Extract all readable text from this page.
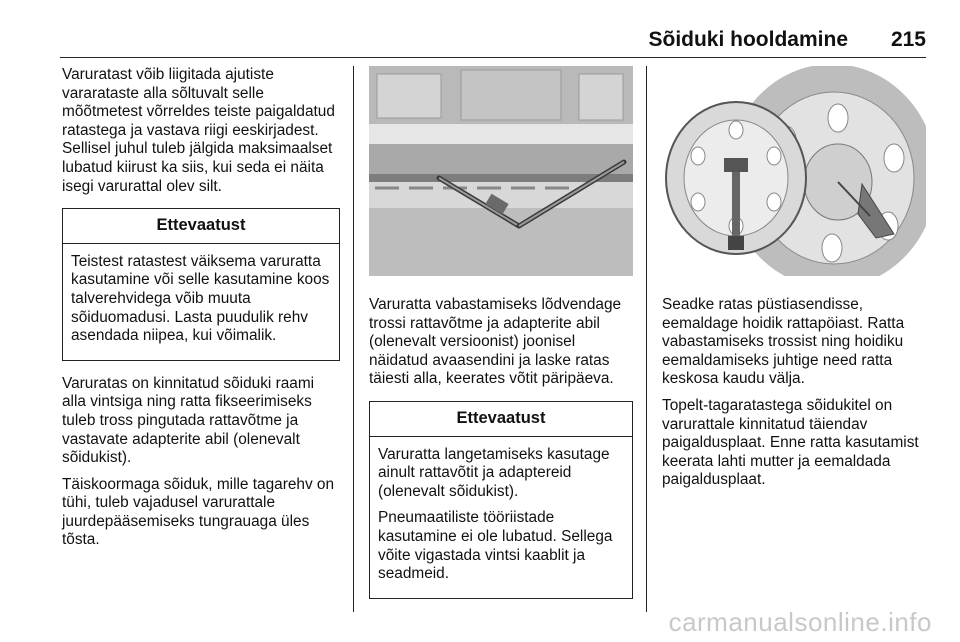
Sõiduki hooldamine 215

Varuratast võib liigitada ajutiste vararataste alla sõltuvalt selle mõõtmetest võrreldes teiste paigaldatud ratastega ja vastava riigi eeskirjadest. Sellisel juhul tuleb jälgida maksimaalset lubatud kiirust ka siis, kui seda ei näita isegi varurattal olev silt.

Ettevaatust

Teistest ratastest väiksema varuratta kasutamine või selle kasutamine koos talverehvidega võib muuta sõiduomadusi. Lasta puudulik rehv asendada niipea, kui võimalik.

Varuratas on kinnitatud sõiduki raami alla vintsiga ning ratta fikseerimiseks tuleb tross pingutada rattavõtme ja vastavate adapterite abil (olenevalt sõidukist).

Täiskoormaga sõiduk, mille tagarehv on tühi, tuleb vajadusel varurattale juurdepääsemiseks tungrauaga üles tõsta.

Varuratta vabastamiseks lõdvendage trossi rattavõtme ja adapterite abil (olenevalt versioonist) joonisel näidatud avaasendini ja laske ratas täiesti alla, keerates võtit päripäeva.

Ettevaatust

Varuratta langetamiseks kasutage ainult rattavõtit ja adaptereid (olenevalt sõidukist).

Pneumaatiliste tööriistade kasutamine ei ole lubatud. Sellega võite vigastada vintsi kaablit ja seadmeid.

Seadke ratas püstiasendisse, eemaldage hoidik rattapöiast. Ratta vabastamiseks trossist ning hoidiku eemaldamiseks juhtige need ratta keskosa kaudu välja.

Topelt-tagaratastega sõidukitel on varurattale kinnitatud täiendav paigaldusplaat. Enne ratta kasutamist keerata lahti mutter ja eemaldada paigaldusplaat.

carmanualsonline.info
